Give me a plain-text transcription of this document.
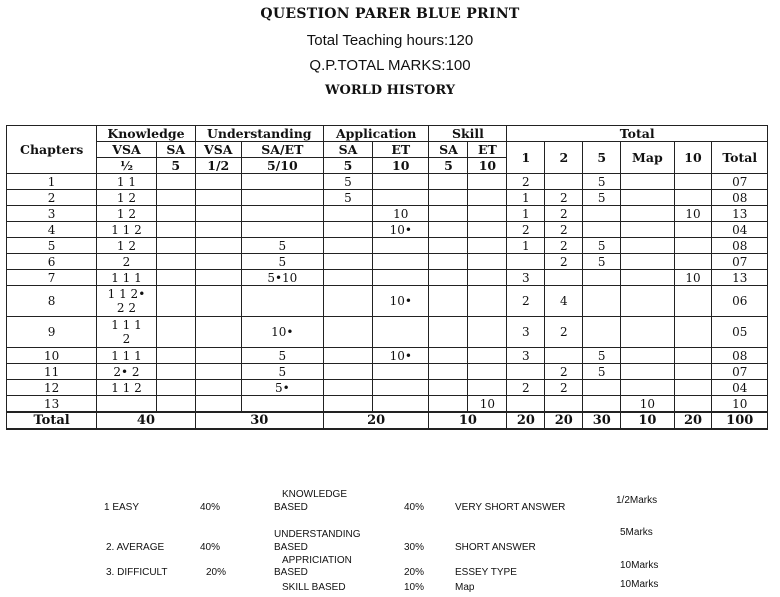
QUESTION PARER BLUE PRINT
Total Teaching hours:120
Q.P.TOTAL MARKS:100
WORLD HISTORY
Chapters	Knowledge		Understanding		Application		Skill		Total					
	VSA	SA	VSA	SA/ET	SA	ET	SA	ET	1	2	5	Map	10	Total
	½	5	1/2	5/10	5	10	5	10						
1	1 1				5				2		5			07
2	1 2				5				1	2	5			08
3	1 2					10			1	2			10	13
4	1 1 2					10•			2	2				04
5	1 2			5					1	2	5			08
6	2			5						2	5			07
7	1 1 1			5•10					3				10	13
8	1 1 2•
2 2					10•			2	4				06
9	1 1 1
2			10•					3	2				05
10	1 1 1			5		10•			3		5			08
11	2• 2			5						2	5			07
12	1 1 2			5•					2	2				04
13								10				10		10
Total	40		30		20		10		20	20	30	10	20	100
1 EASY	40%
2. AVERAGE	40%
3. DIFFICULT	20%
KNOWLEDGE
BASED	40%
UNDERSTANDING
BASED	30%
APPRICIATION
BASED	20%
SKILL BASED	10%
VERY SHORT ANSWER
1/2Marks
SHORT ANSWER
5Marks
ESSEY TYPE
10Marks
Map	10Marks
